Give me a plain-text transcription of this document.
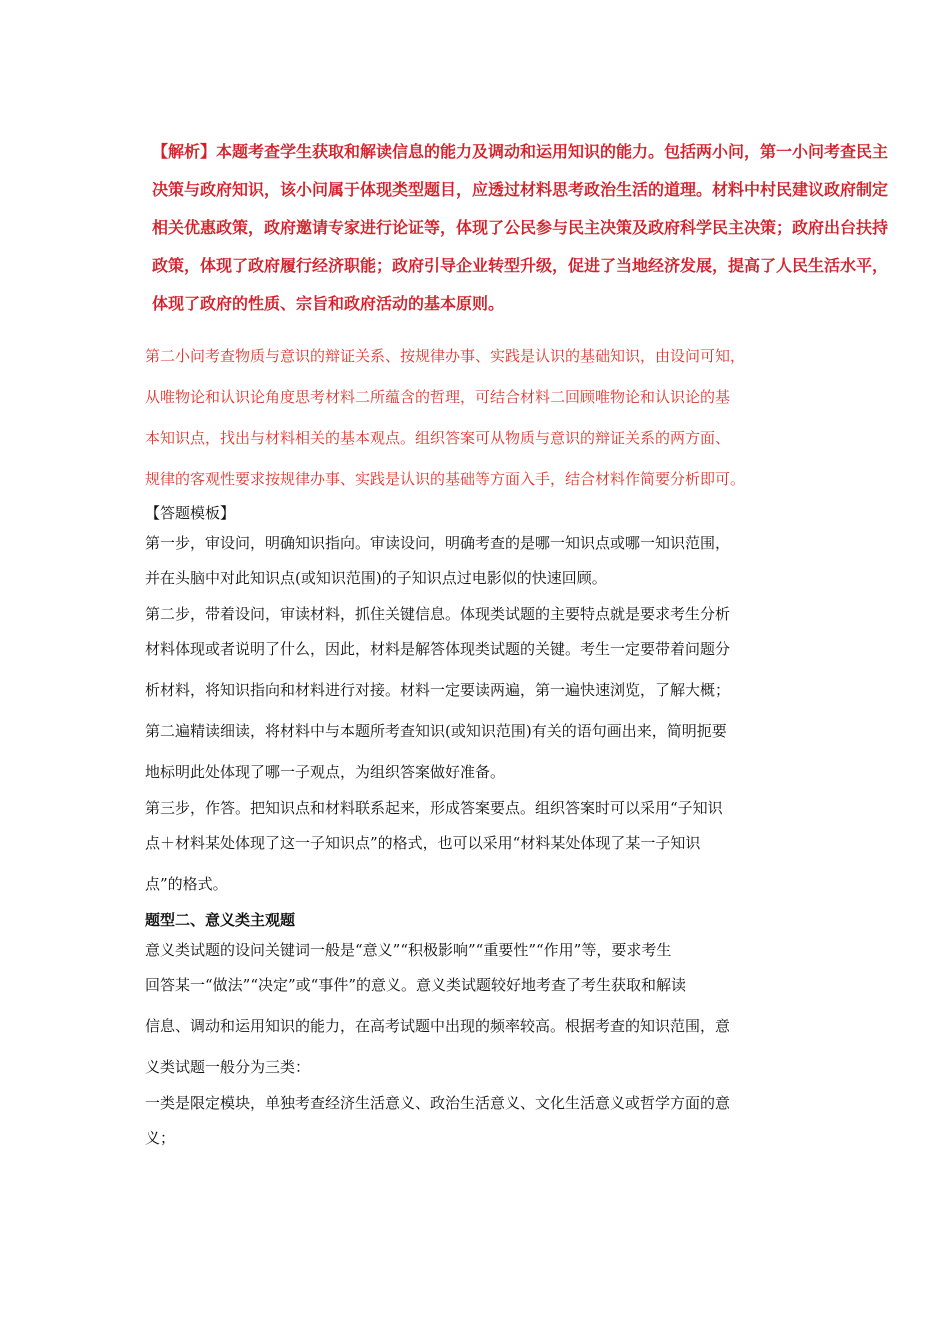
【解析】本题考查学生获取和解读信息的能力及调动和运用知识的能力。包括两小问，第一小问考查民主

决策与政府知识，该小问属于体现类型题目，应透过材料思考政治生活的道理。材料中村民建议政府制定

相关优惠政策，政府邀请专家进行论证等，体现了公民参与民主决策及政府科学民主决策；政府出台扶持

政策，体现了政府履行经济职能；政府引导企业转型升级，促进了当地经济发展，提高了人民生活水平，

体现了政府的性质、宗旨和政府活动的基本原则。

第二小问考查物质与意识的辩证关系、按规律办事、实践是认识的基础知识，由设问可知，

从唯物论和认识论角度思考材料二所蕴含的哲理，可结合材料二回顾唯物论和认识论的基

本知识点，找出与材料相关的基本观点。组织答案可从物质与意识的辩证关系的两方面、

规律的客观性要求按规律办事、实践是认识的基础等方面入手，结合材料作简要分析即可。

【答题模板】

第一步，审设问，明确知识指向。审读设问，明确考查的是哪一知识点或哪一知识范围，

并在头脑中对此知识点(或知识范围)的子知识点过电影似的快速回顾。

第二步，带着设问，审读材料，抓住关键信息。体现类试题的主要特点就是要求考生分析

材料体现或者说明了什么，因此，材料是解答体现类试题的关键。考生一定要带着问题分

析材料，将知识指向和材料进行对接。材料一定要读两遍，第一遍快速浏览，了解大概；

第二遍精读细读，将材料中与本题所考查知识(或知识范围)有关的语句画出来，简明扼要

地标明此处体现了哪一子观点，为组织答案做好准备。

第三步，作答。把知识点和材料联系起来，形成答案要点。组织答案时可以采用“子知识

点＋材料某处体现了这一子知识点”的格式，也可以采用“材料某处体现了某一子知识

点”的格式。

题型二、意义类主观题

意义类试题的设问关键词一般是“意义”“积极影响”“重要性”“作用”等，要求考生

回答某一“做法”“决定”或“事件”的意义。意义类试题较好地考查了考生获取和解读

信息、调动和运用知识的能力，在高考试题中出现的频率较高。根据考查的知识范围，意

义类试题一般分为三类：

一类是限定模块，单独考查经济生活意义、政治生活意义、文化生活意义或哲学方面的意

义；
